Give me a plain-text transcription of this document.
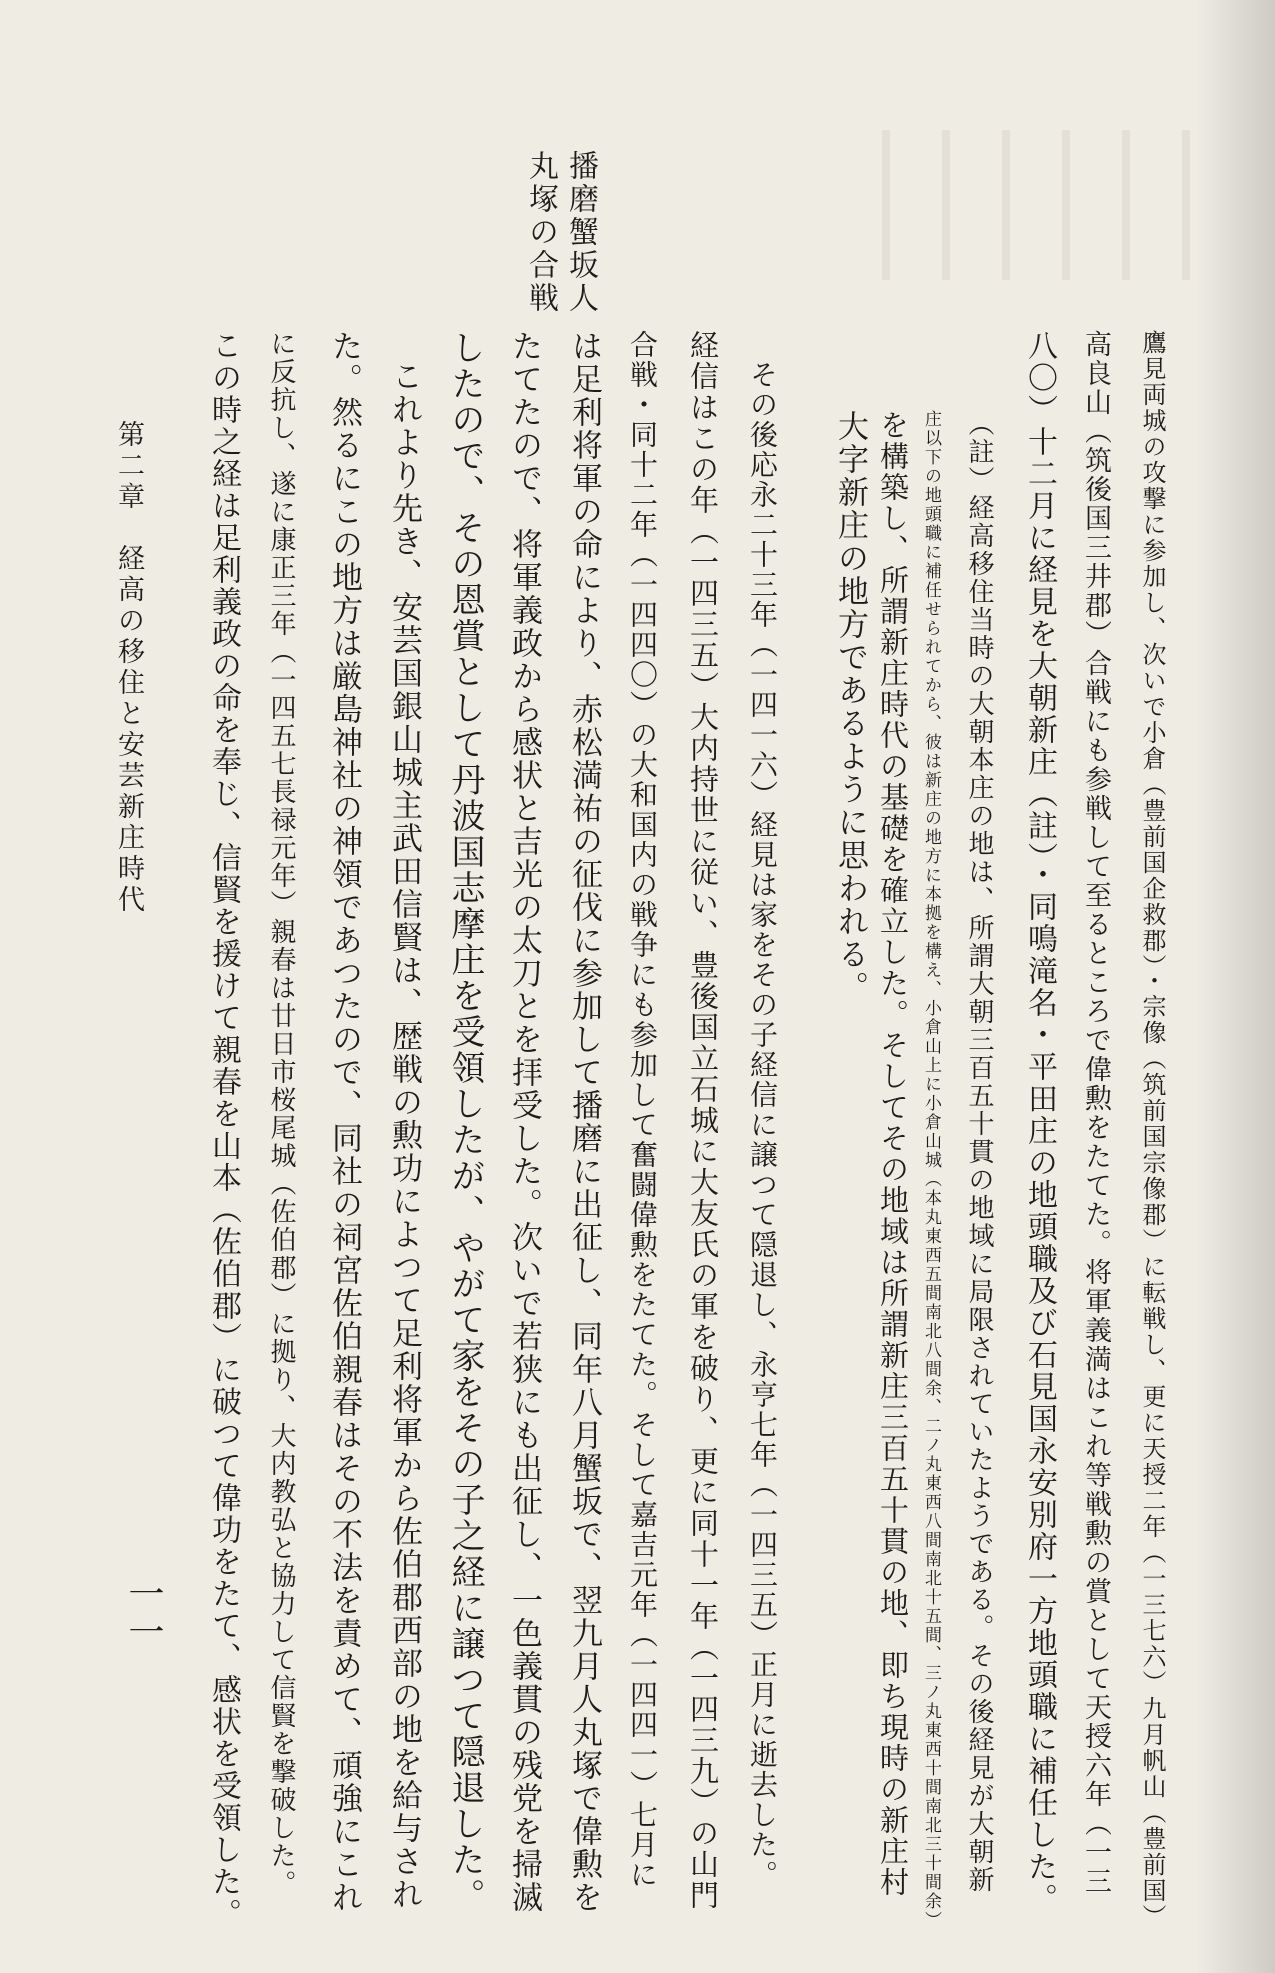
鷹見両城の攻撃に参加し、次いで小倉（豊前国企救郡）・宗像（筑前国宗像郡）に転戦し、更に天授二年（一三七六）九月帆山（豊前国）
高良山（筑後国三井郡）合戦にも参戦して至るところで偉勲をたてた。将軍義満はこれ等戦勲の賞として天授六年（一三
八〇）十二月に経見を大朝新庄（註）・同鳴滝名・平田庄の地頭職及び石見国永安別府一方地頭職に補任した。
（註）経高移住当時の大朝本庄の地は、所謂大朝三百五十貫の地域に局限されていたようである。その後経見が大朝新
庄以下の地頭職に補任せられてから、彼は新庄の地方に本拠を構え、小倉山上に小倉山城（本丸東西五間南北八間余、二ノ丸東西八間南北十五間、三ノ丸東西十間南北三十間余）
を構築し、所謂新庄時代の基礎を確立した。そしてその地域は所謂新庄三百五十貫の地、即ち現時の新庄村
大字新庄の地方であるように思われる。
その後応永二十三年（一四一六）経見は家をその子経信に譲つて隠退し、永亨七年（一四三五）正月に逝去した。
経信はこの年（一四三五）大内持世に従い、豊後国立石城に大友氏の軍を破り、更に同十一年（一四三九）の山門
合戦・同十二年（一四四〇）の大和国内の戦争にも参加して奮闘偉勲をたてた。そして嘉吉元年（一四四一）七月に
は足利将軍の命により、赤松満祐の征伐に参加して播磨に出征し、同年八月蟹坂で、翌九月人丸塚で偉勲を
たてたので、将軍義政から感状と吉光の太刀とを拝受した。次いで若狭にも出征し、一色義貫の残党を掃滅
したので、その恩賞として丹波国志摩庄を受領したが、やがて家をその子之経に譲つて隠退した。
これより先き、安芸国銀山城主武田信賢は、歴戦の勲功によつて足利将軍から佐伯郡西部の地を給与され
た。然るにこの地方は厳島神社の神領であつたので、同社の祠宮佐伯親春はその不法を責めて、頑強にこれ
に反抗し、遂に康正三年（一四五七長禄元年）親春は廿日市桜尾城（佐伯郡）に拠り、大内教弘と協力して信賢を撃破した。
この時之経は足利義政の命を奉じ、信賢を援けて親春を山本（佐伯郡）に破つて偉功をたて、感状を受領した。
播磨蟹坂人
丸塚の合戦
第二章　経高の移住と安芸新庄時代
一一
